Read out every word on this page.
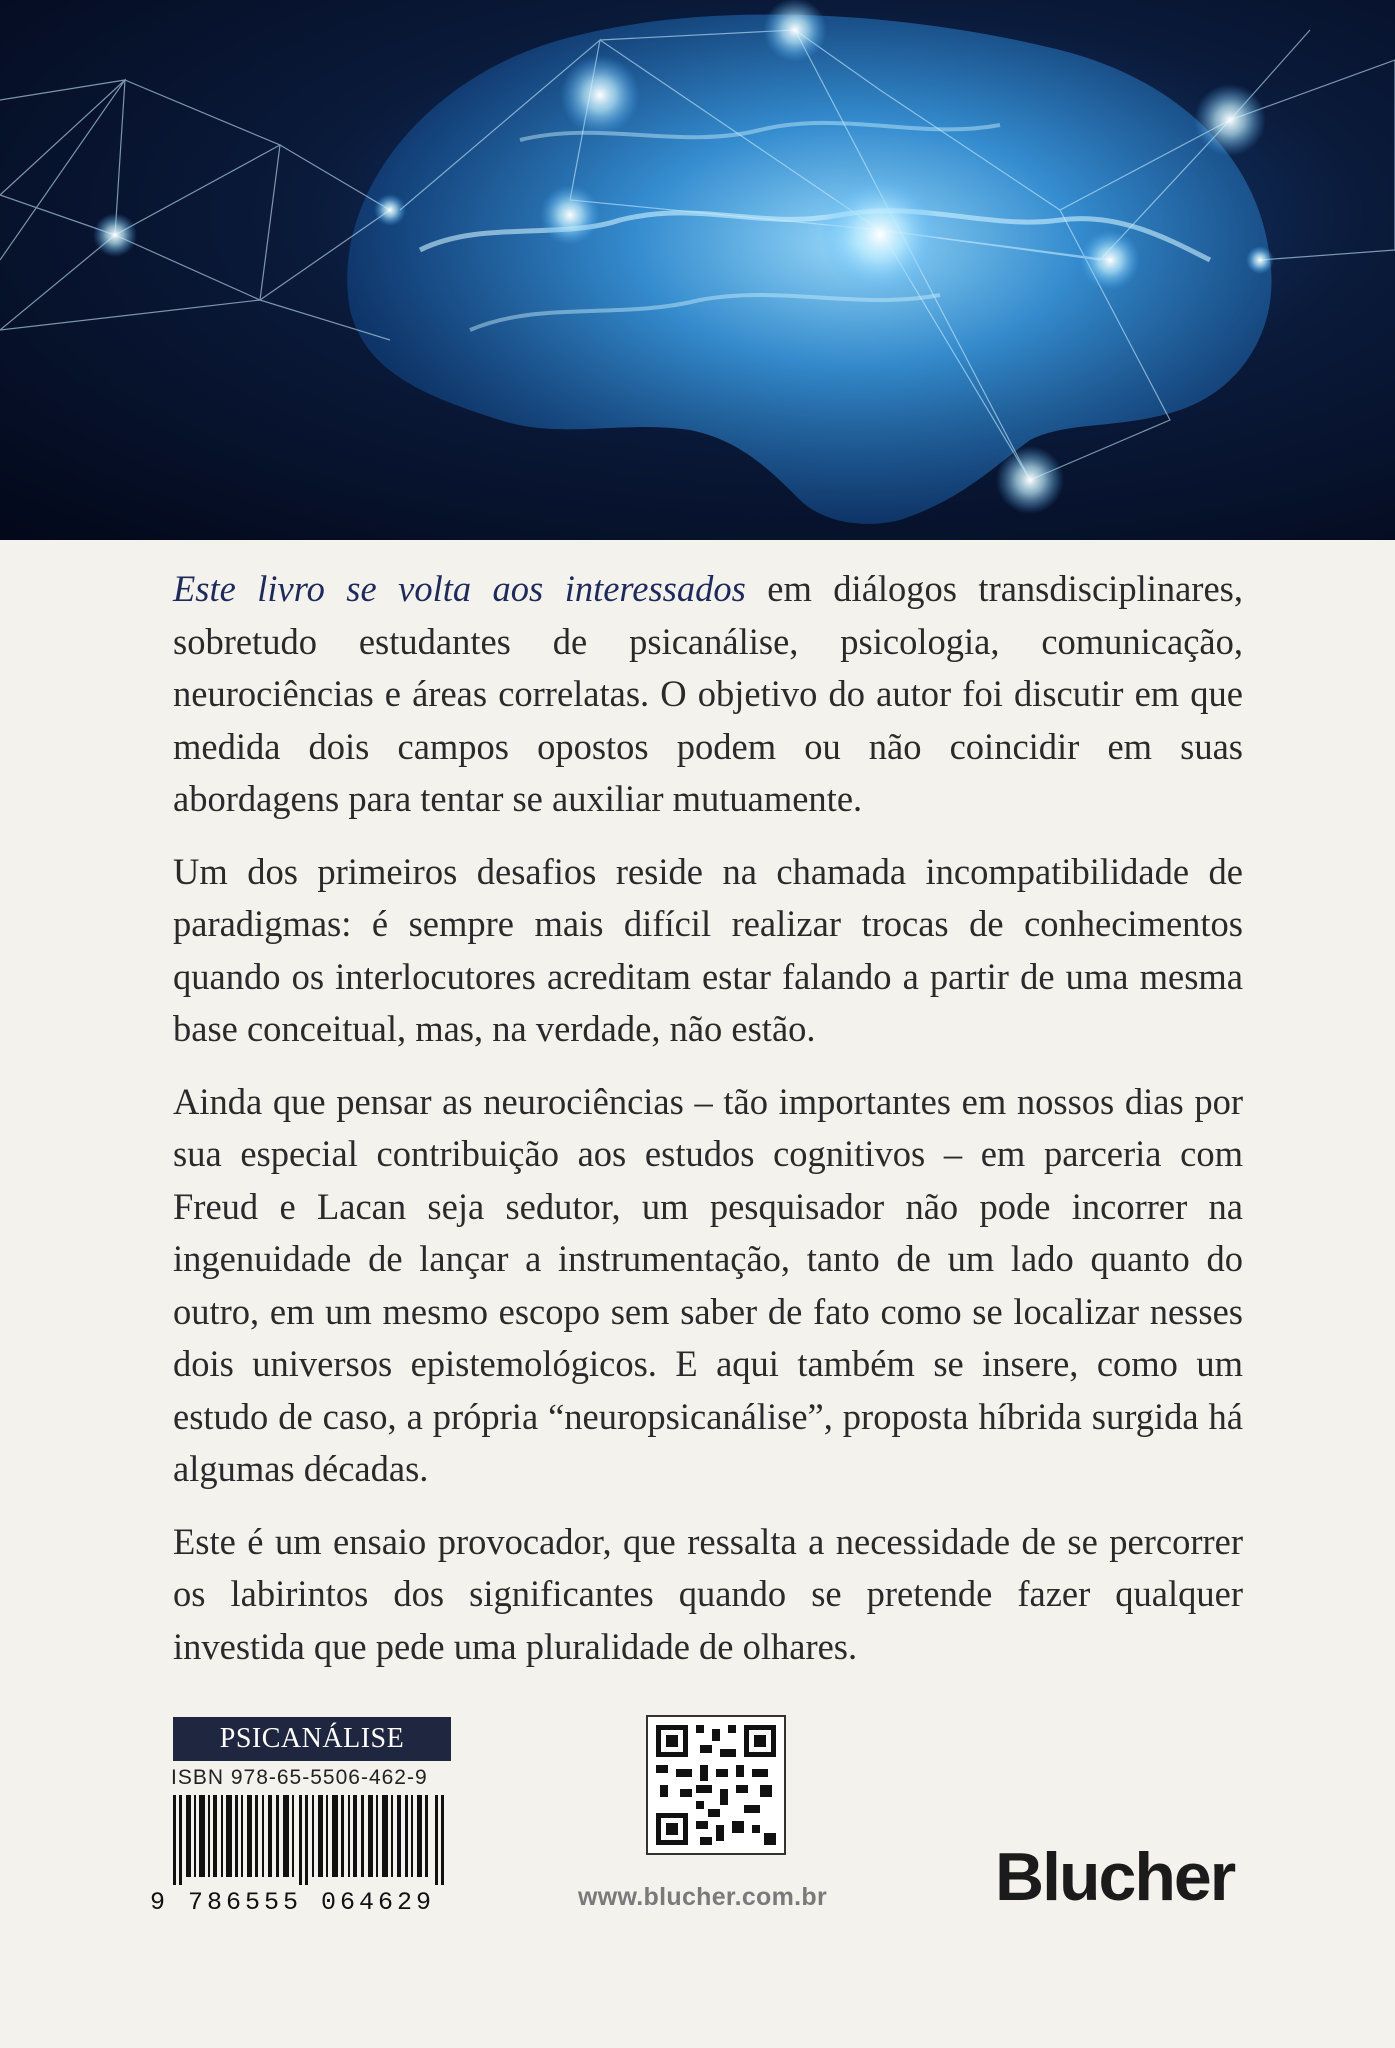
Este livro se volta aos interessados em diálogos transdisciplinares, sobretudo estudantes de psicanálise, psicologia, comunicação, neurociências e áreas correlatas. O objetivo do autor foi discutir em que medida dois campos opostos podem ou não coincidir em suas abordagens para tentar se auxiliar mutuamente.

Um dos primeiros desafios reside na chamada incompatibilidade de paradigmas: é sempre mais difícil realizar trocas de conhecimentos quando os interlocutores acreditam estar falando a partir de uma mesma base conceitual, mas, na verdade, não estão.

Ainda que pensar as neurociências – tão importantes em nossos dias por sua especial contribuição aos estudos cognitivos – em parceria com Freud e Lacan seja sedutor, um pesquisador não pode incorrer na ingenuidade de lançar a instrumentação, tanto de um lado quanto do outro, em um mesmo escopo sem saber de fato como se localizar nesses dois universos epistemológicos. E aqui também se insere, como um estudo de caso, a própria “neuropsicanálise”, proposta híbrida surgida há algumas décadas.

Este é um ensaio provocador, que ressalta a necessidade de se percorrer os labirintos dos significantes quando se pretende fazer qualquer investida que pede uma pluralidade de olhares.

PSICANÁLISE
ISBN 978-65-5506-462-9
9 786555 064629	www.blucher.com.br Blucher
